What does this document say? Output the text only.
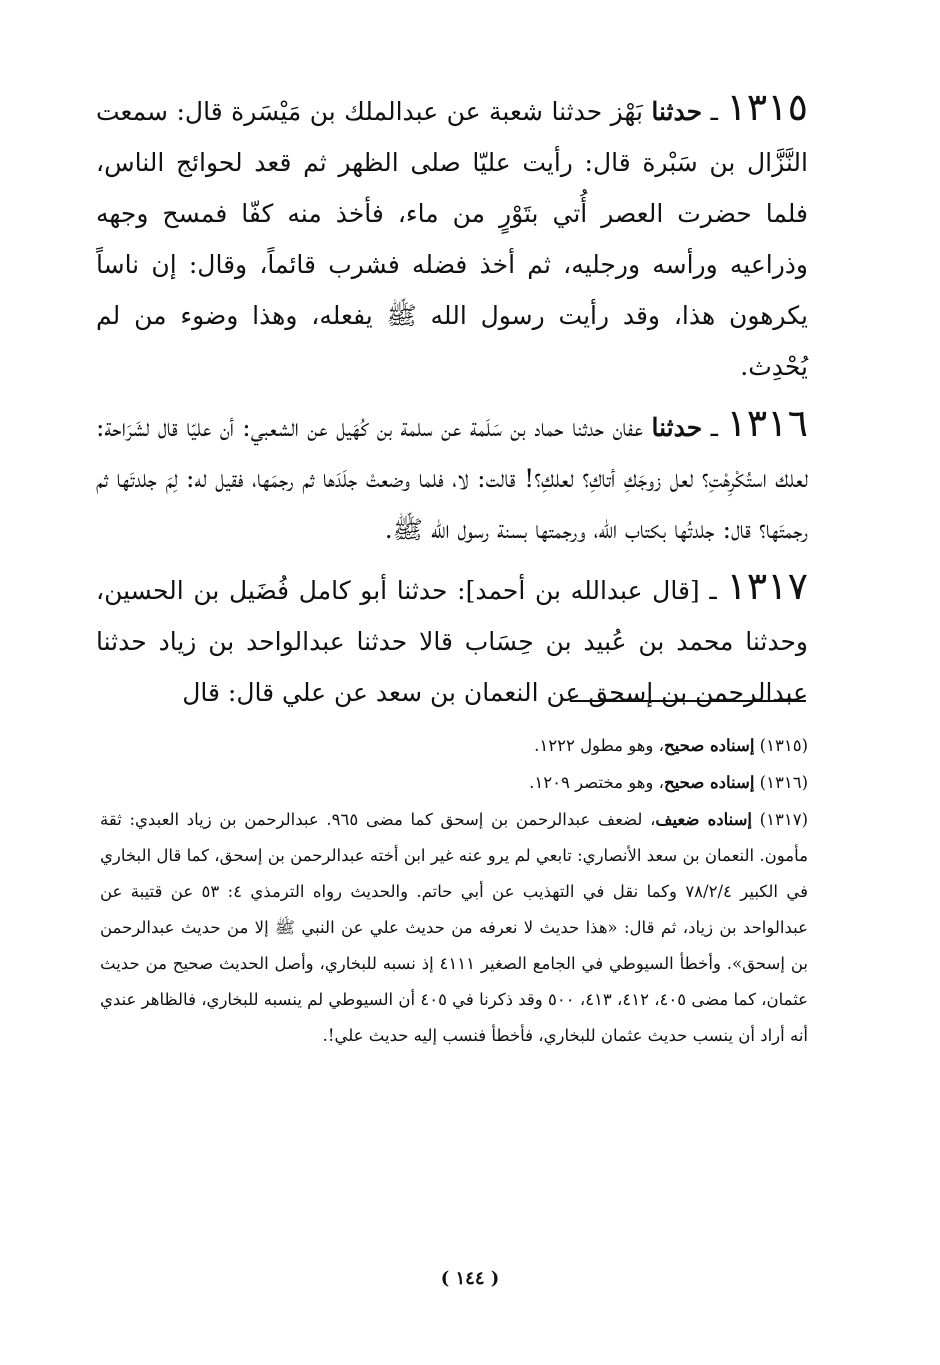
١٣١٥ ـ حدثنا بَهْز حدثنا شعبة عن عبدالملك بن مَيْسَرة قال: سمعت النَّزَّال بن سَبْرة قال: رأيت عليّا صلى الظهر ثم قعد لحوائج الناس، فلما حضرت العصر أُتي بتَوْرٍ من ماء، فأخذ منه كفّا فمسح وجهه وذراعيه ورأسه ورجليه، ثم أخذ فضله فشرب قائماً، وقال: إن ناساً يكرهون هذا، وقد رأيت رسول الله ﷺ يفعله، وهذا وضوء من لم يُحْدِث.

١٣١٦ ـ حدثنا عفان حدثنا حماد بن سَلَمة عن سلمة بن كُهَيل عن الشعبي: أن عليّا قال لشَرَاحة: لعلك استُكْرِهْتِ؟ لعل زوجَكِ أتاكِ؟ لعلكِ؟! قالت: لا، فلما وضعتْ جلَدَها ثم رجمَها، فقيل له: لِمَ جلدتَها ثم رجمتَها؟ قال: جلدتُها بكتاب الله، ورجمتها بسنة رسول الله ﷺ.

١٣١٧ ـ [قال عبدالله بن أحمد]: حدثنا أبو كامل فُضَيل بن الحسين، وحدثنا محمد بن عُبيد بن حِسَاب قالا حدثنا عبدالواحد بن زياد حدثنا عبدالرحمن بن إسحق عن النعمان بن سعد عن علي قال: قال

(١٣١٥) إسناده صحيح، وهو مطول ١٢٢٢.

(١٣١٦) إسناده صحيح، وهو مختصر ١٢٠٩.

(١٣١٧) إسناده ضعيف، لضعف عبدالرحمن بن إسحق كما مضى ٩٦٥. عبدالرحمن بن زياد العبدي: ثقة مأمون. النعمان بن سعد الأنصاري: تابعي لم يرو عنه غير ابن أخته عبدالرحمن بن إسحق، كما قال البخاري في الكبير ٧٨/٢/٤ وكما نقل في التهذيب عن أبي حاتم. والحديث رواه الترمذي ٤: ٥٣ عن قتيبة عن عبدالواحد بن زياد، ثم قال: «هذا حديث لا نعرفه من حديث علي عن النبي ﷺ إلا من حديث عبدالرحمن بن إسحق». وأخطأ السيوطي في الجامع الصغير ٤١١١ إذ نسبه للبخاري، وأصل الحديث صحيح من حديث عثمان، كما مضى ٤٠٥، ٤١٢، ٤١٣، ٥٠٠ وقد ذكرنا في ٤٠٥ أن السيوطي لم ينسبه للبخاري، فالظاهر عندي أنه أراد أن ينسب حديث عثمان للبخاري، فأخطأ فنسب إليه حديث علي!.

( ١٤٤ )
